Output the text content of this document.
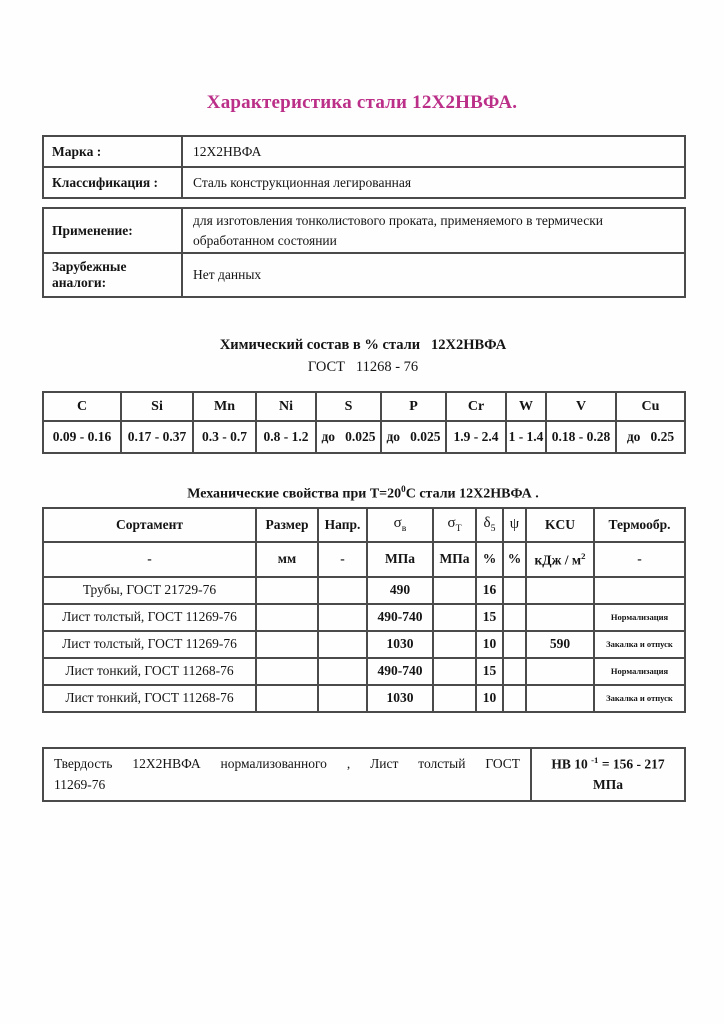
Характеристика стали 12Х2НВФА.
Марка :	12Х2НВФА
Классификация :	Сталь конструкционная легированная
Применение:	для изготовления тонколистового проката, применяемого в термически обработанном состоянии
Зарубежные аналоги:	Нет данных
Химический состав в % стали   12Х2НВФА
ГОСТ   11268 - 76
C	Si	Mn	Ni	S	P	Cr	W	V	Cu
0.09 - 0.16	0.17 - 0.37	0.3 - 0.7	0.8 - 1.2	до   0.025	до   0.025	1.9 - 2.4	1 - 1.4	0.18 - 0.28	до   0.25
Механические свойства при $Т=20^0С$ стали 12Х2НВФА .
Сортамент	Размер	Напр.	$\sigma_в$	$\sigma_Т$	$\delta_5$	ψ	KCU	Термообр.
-	мм	-	МПа	МПа	%	%	кДж / $м^2$	-
Трубы, ГОСТ 21729-76			490		16			
Лист толстый, ГОСТ 11269-76			490-740		15			Нормализация
Лист толстый, ГОСТ 11269-76			1030		10		590	Закалка и отпуск
Лист тонкий, ГОСТ 11268-76			490-740		15			Нормализация
Лист тонкий, ГОСТ 11268-76			1030		10			Закалка и отпуск
Твердость 12Х2НВФА нормализованного , Лист толстый ГОСТ
11269-76
	НВ 10 $^{-1}$ = 156 - 217 МПа
